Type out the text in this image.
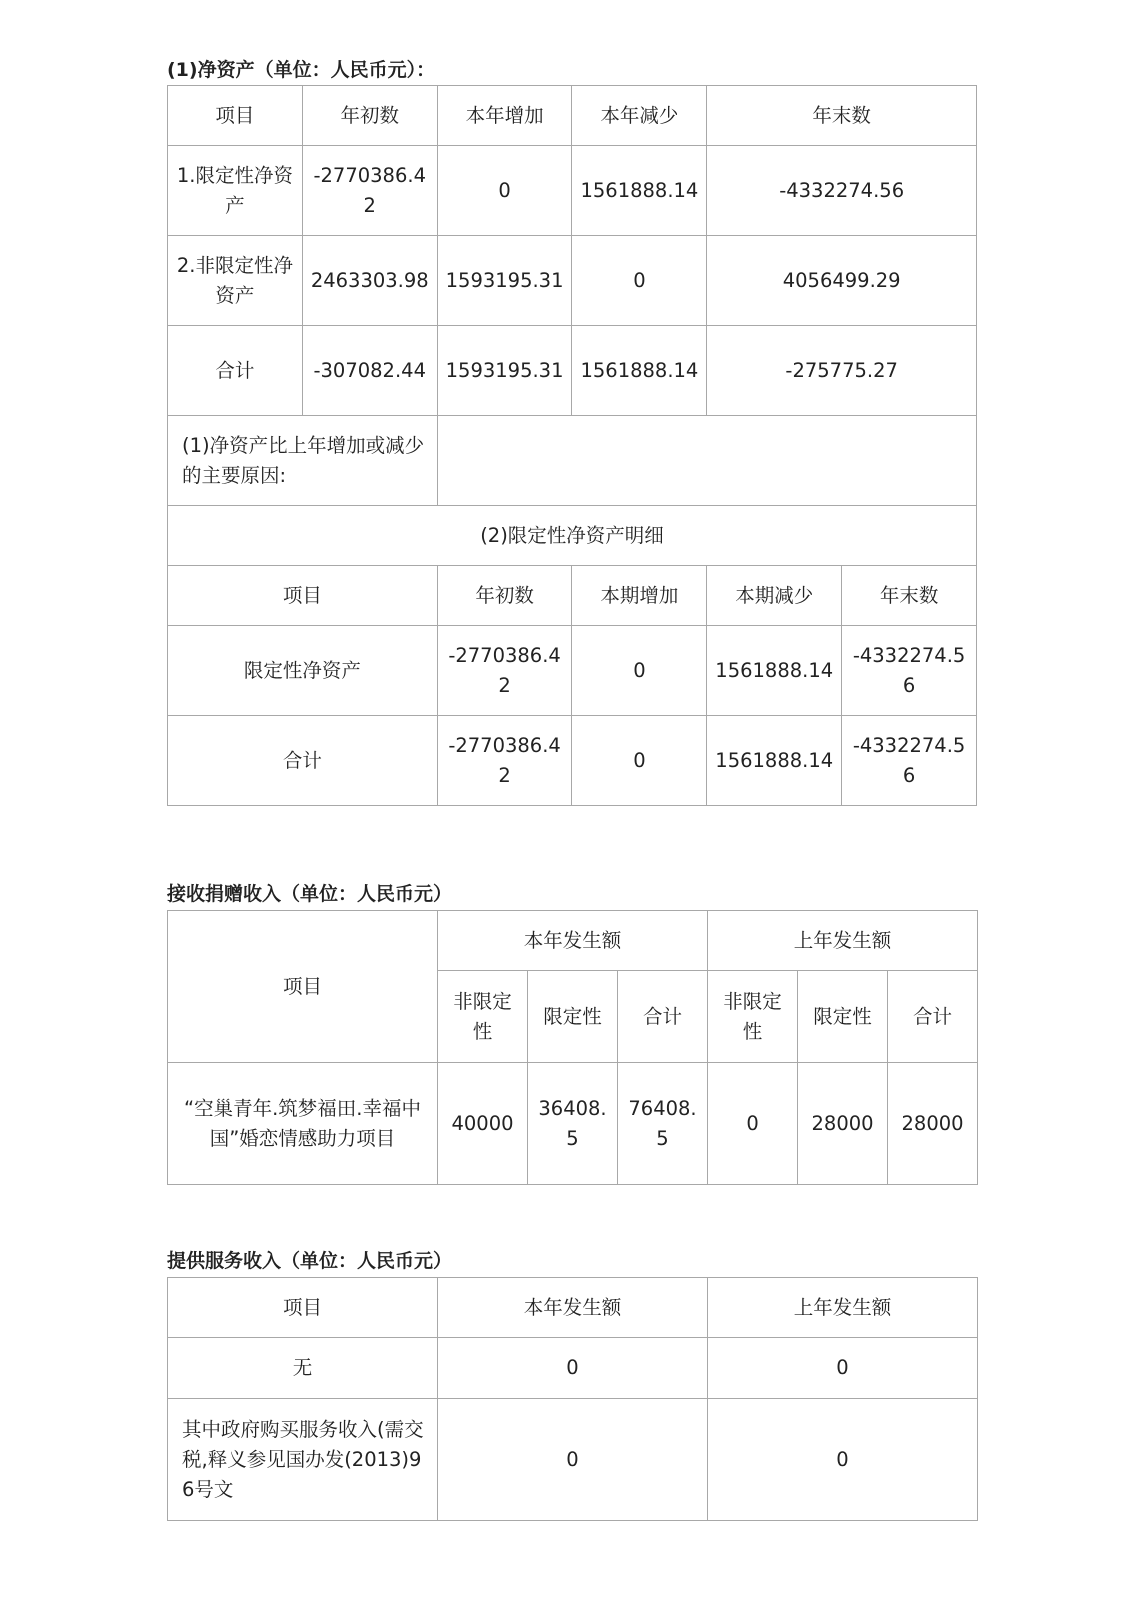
(1)净资产（单位：人民币元）：

项目	年初数	本年增加	本年减少	年末数	
1.限定性净资产	-2770386.42	0	1561888.14	-4332274.56	
2.非限定性净资产	2463303.98	1593195.31	0	4056499.29	
合计	-307082.44	1593195.31	1561888.14	-275775.27	
(1)净资产比上年增加或减少的主要原因:					
(2)限定性净资产明细					
项目		年初数	本期增加	本期减少	年末数
限定性净资产		-2770386.42	0	1561888.14	-4332274.56
合计		-2770386.42	0	1561888.14	-4332274.56

接收捐赠收入（单位：人民币元）

项目	本年发生额			上年发生额		
	非限定性	限定性	合计	非限定性	限定性	合计
“空巢青年.筑梦福田.幸福中国”婚恋情感助力项目	40000	36408.5	76408.5	0	28000	28000

提供服务收入（单位：人民币元）

项目	本年发生额	上年发生额
无	0	0
其中政府购买服务收入(需交税,释义参见国办发(2013)96号文	0	0
